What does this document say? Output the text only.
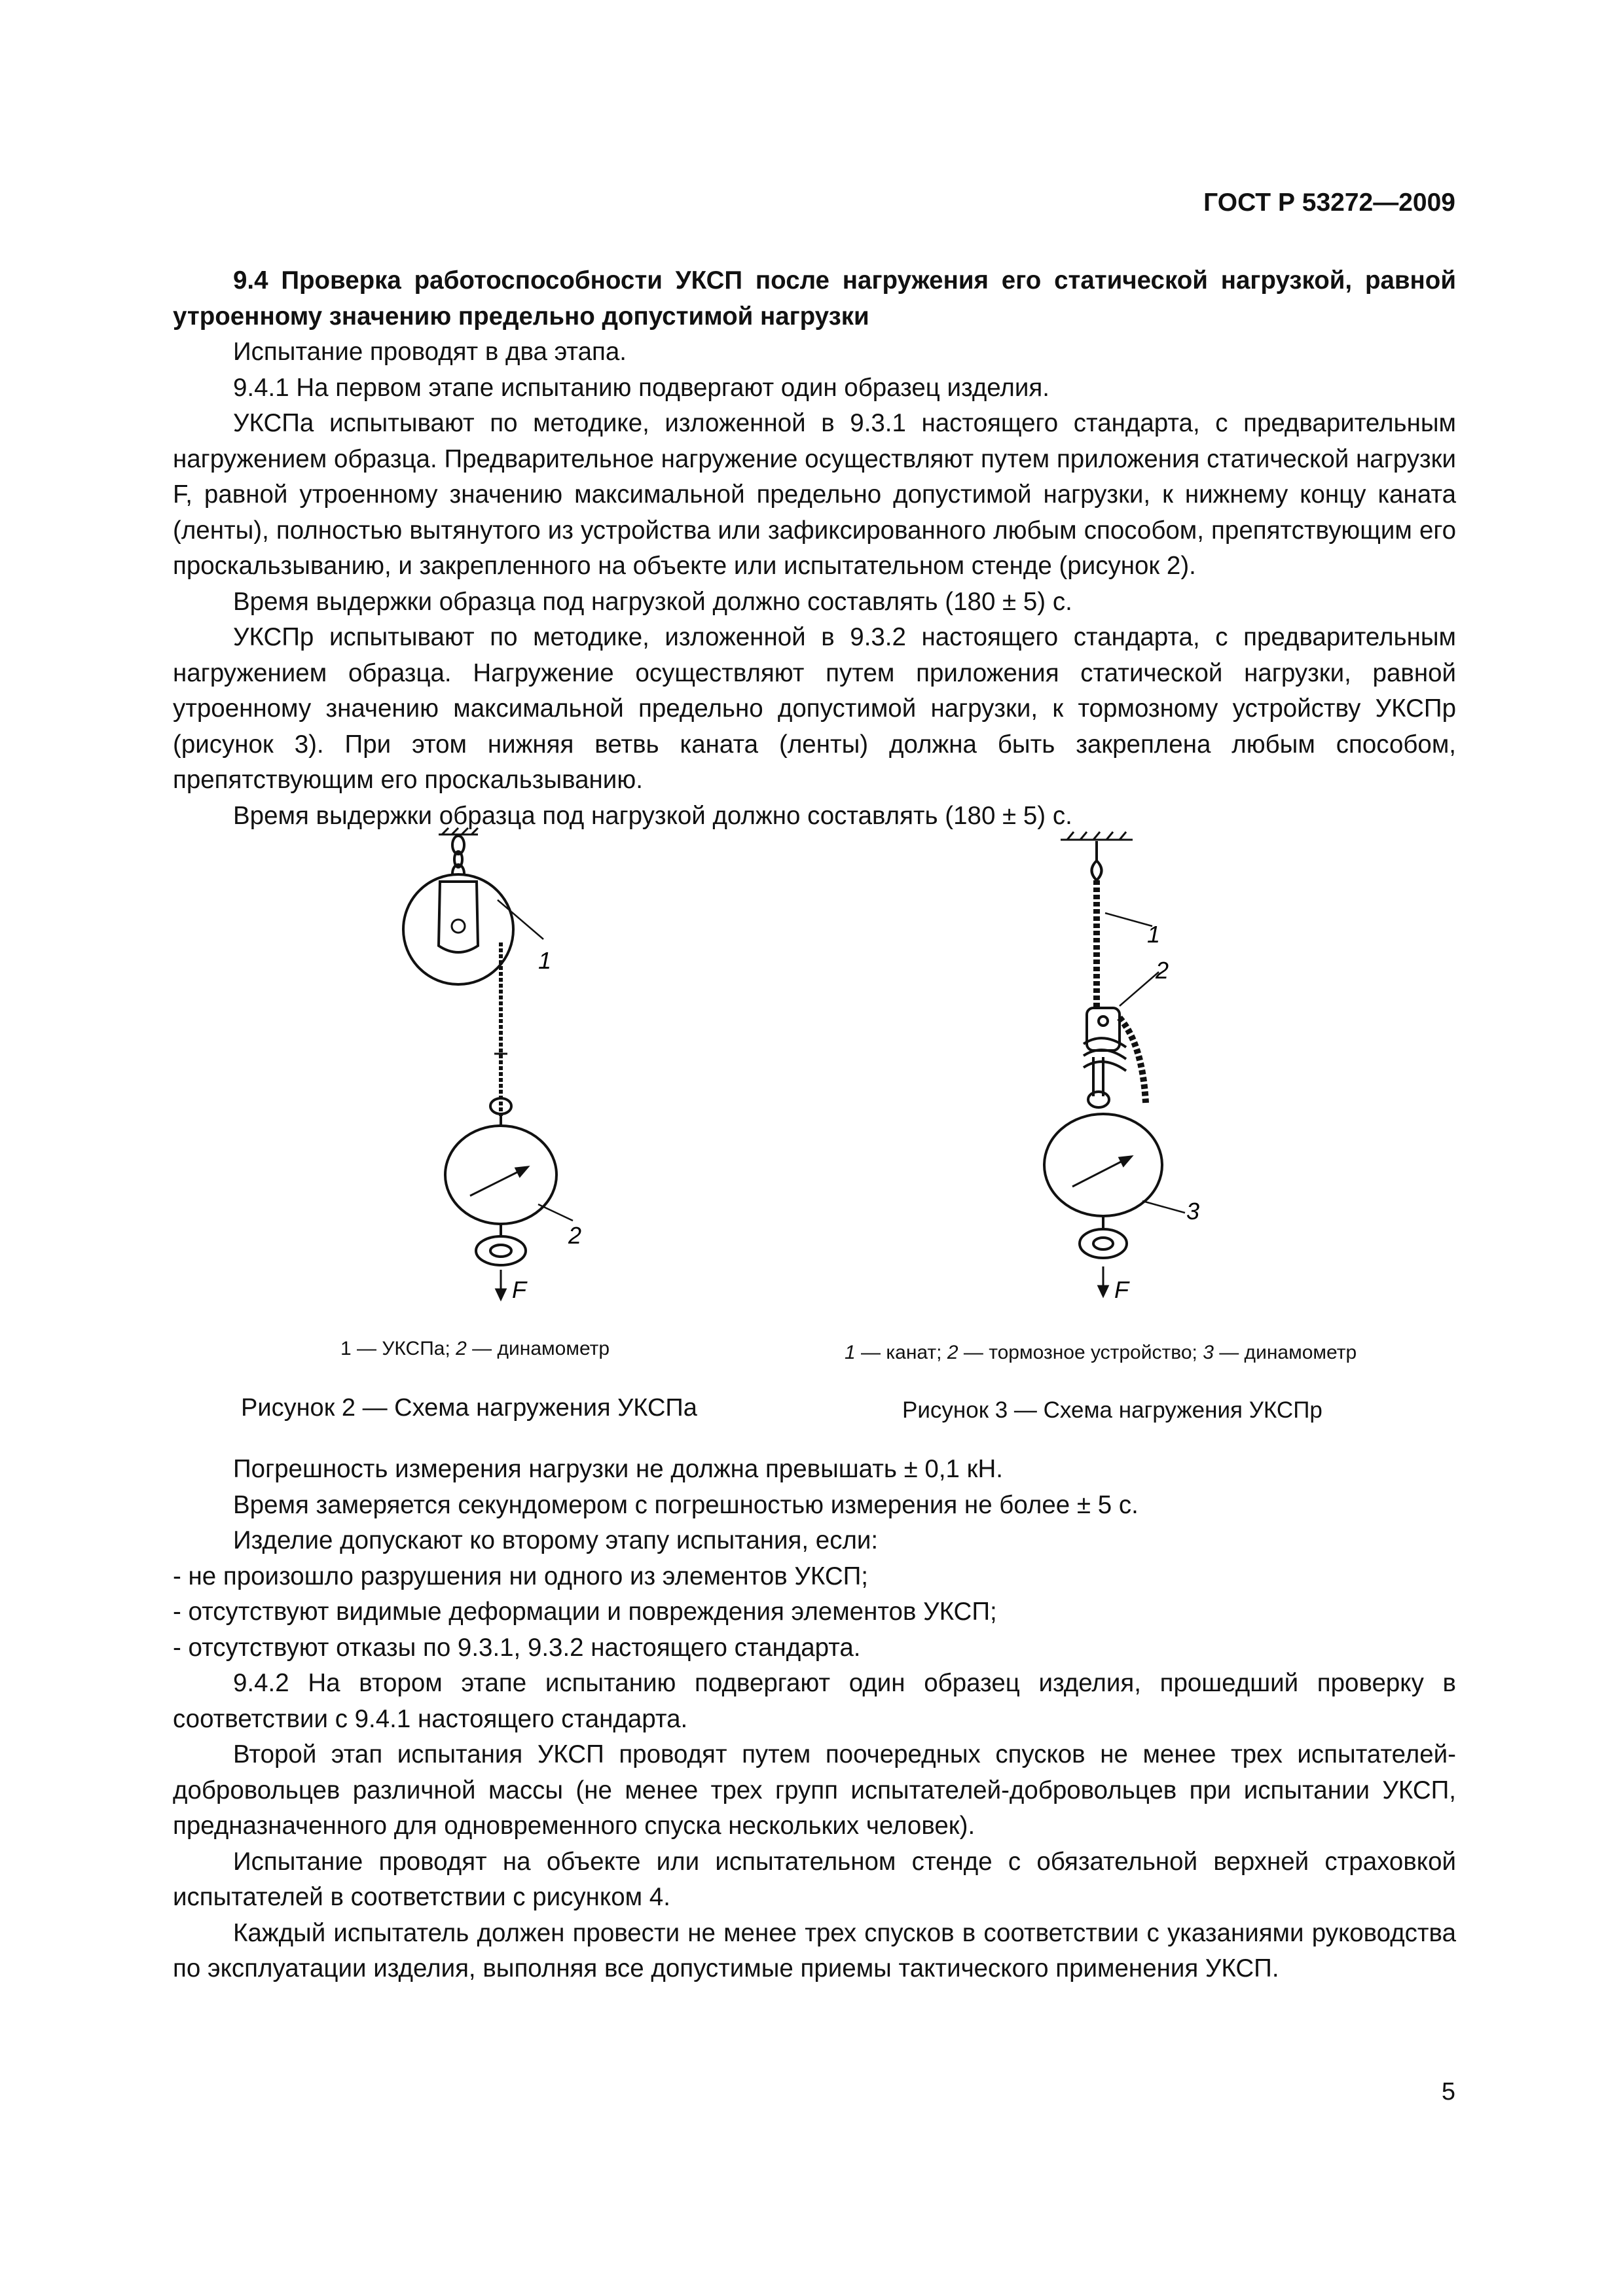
ГОСТ Р 53272—2009

9.4 Проверка работоспособности УКСП после нагружения его статической нагрузкой, равной утроенному значению предельно допустимой нагрузки

Испытание проводят в два этапа.

9.4.1 На первом этапе испытанию подвергают один образец изделия.

УКСПа испытывают по методике, изложенной в 9.3.1 настоящего стандарта, с предварительным нагружением образца. Предварительное нагружение осуществляют путем приложения статической нагрузки F, равной утроенному значению максимальной предельно допустимой нагрузки, к нижнему концу каната (ленты), полностью вытянутого из устройства или зафиксированного любым способом, препятствующим его проскальзыванию, и закрепленного на объекте или испытательном стенде (рисунок 2).

Время выдержки образца под нагрузкой должно составлять (180 ± 5) с.

УКСПр испытывают по методике, изложенной в 9.3.2 настоящего стандарта, с предварительным нагружением образца. Нагружение осуществляют путем приложения статической нагрузки, равной утроенному значению максимальной предельно допустимой нагрузки, к тормозному устройству УКСПр (рисунок 3). При этом нижняя ветвь каната (ленты) должна быть закреплена любым способом, препятствующим его проскальзыванию.

Время выдержки образца под нагрузкой должно составлять (180 ± 5) с.

1
2
F
1
2
3
F
1 — УКСПа; 2 — динамометр	1 — канат; 2 — тормозное устройство; 3 — динамометр
Рисунок 2 — Схема нагружения УКСПа	Рисунок 3 — Схема нагружения УКСПр

Погрешность измерения нагрузки не должна превышать ± 0,1 кН.

Время замеряется секундомером с погрешностью измерения не более ± 5 с.

Изделие допускают ко второму этапу испытания, если:

- не произошло разрушения ни одного из элементов УКСП;

- отсутствуют видимые деформации и повреждения элементов УКСП;

- отсутствуют отказы по 9.3.1, 9.3.2 настоящего стандарта.

9.4.2 На втором этапе испытанию подвергают один образец изделия, прошедший проверку в соответствии с 9.4.1 настоящего стандарта.

Второй этап испытания УКСП проводят путем поочередных спусков не менее трех испытателей-добровольцев различной массы (не менее трех групп испытателей-добровольцев при испытании УКСП, предназначенного для одновременного спуска нескольких человек).

Испытание проводят на объекте или испытательном стенде с обязательной верхней страховкой испытателей в соответствии с рисунком 4.

Каждый испытатель должен провести не менее трех спусков в соответствии с указаниями руководства по эксплуатации изделия, выполняя все допустимые приемы тактического применения УКСП.

5
